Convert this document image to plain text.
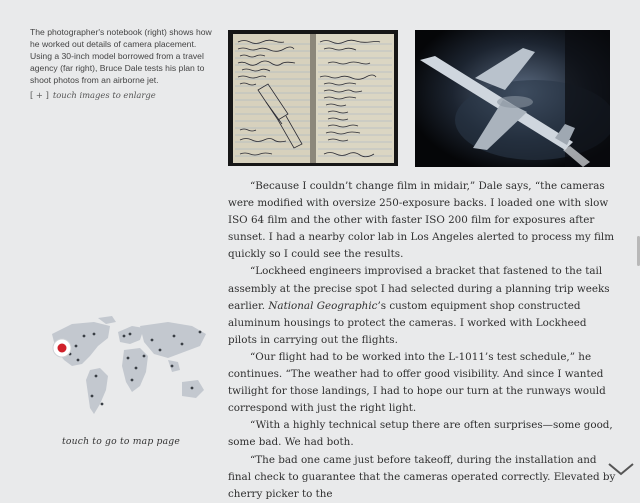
The photographer's notebook (right) shows how he worked out details of camera placement. Using a 30-inch model borrowed from a travel agency (far right), Bruce Dale tests his plan to shoot photos from an airborne jet.
[ + ] touch images to enlarge

“Because I couldn’t change film in midair,” Dale says, “the cameras were modified with oversize 250-exposure backs. I loaded one with slow ISO 64 film and the other with faster ISO 200 film for exposures after sunset. I had a nearby color lab in Los Angeles alerted to process my film quickly so I could see the results.

“Lockheed engineers improvised a bracket that fastened to the tail assembly at the precise spot I had selected during a planning trip weeks earlier. National Geographic’s custom equipment shop constructed aluminum housings to protect the cameras. I worked with Lockheed pilots in carrying out the flights.

“Our flight had to be worked into the L-1011’s test schedule,” he continues. “The weather had to offer good visibility. And since I wanted twilight for those landings, I had to hope our turn at the runways would correspond with just the right light.

“With a highly technical setup there are often surprises—some good, some bad. We had both.

“The bad one came just before takeoff, during the installation and final check to guarantee that the cameras operated correctly. Elevated by cherry picker to the

touch to go to map page
